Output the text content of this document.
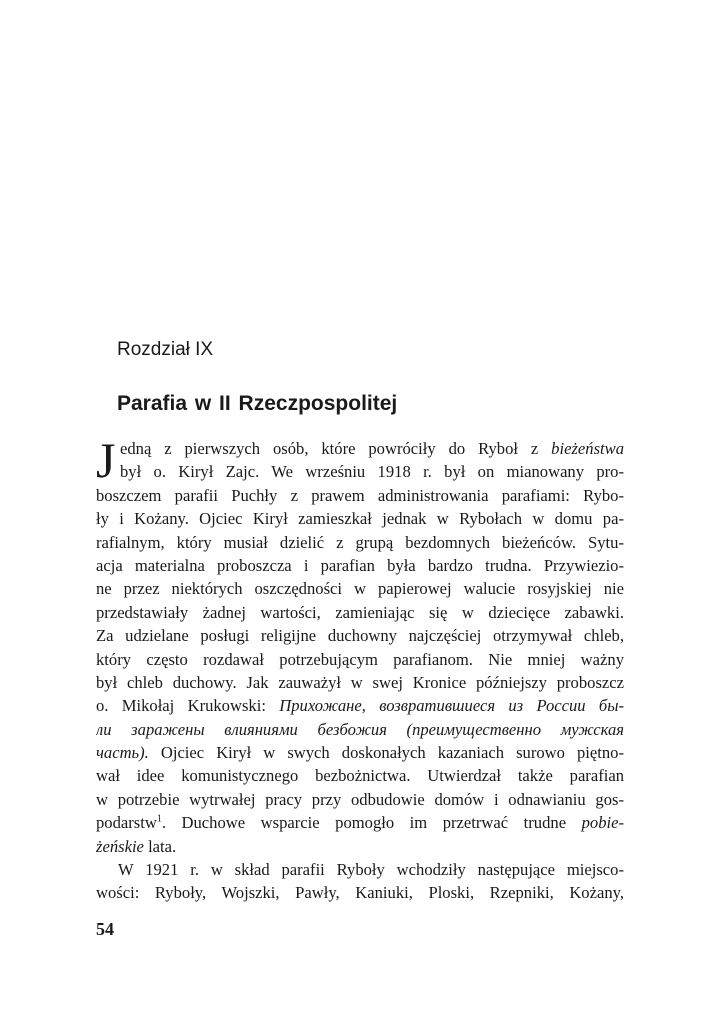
Rozdział IX
Parafia w II Rzeczpospolitej
J edną z pierwszych osób, które powróciły do Ryboł z bieżeństwa
był o. Kirył Zajc. We wrześniu 1918 r. był on mianowany pro-
boszczem parafii Puchły z prawem administrowania parafiami: Rybo-
ły i Kożany. Ojciec Kirył zamieszkał jednak w Rybołach w domu pa-
rafialnym, który musiał dzielić z grupą bezdomnych bieżeńców. Sytu-
acja materialna proboszcza i parafian była bardzo trudna. Przywiezio-
ne przez niektórych oszczędności w papierowej walucie rosyjskiej nie
przedstawiały żadnej wartości, zamieniając się w dziecięce zabawki.
Za udzielane posługi religijne duchowny najczęściej otrzymywał chleb,
który często rozdawał potrzebującym parafianom. Nie mniej ważny
był chleb duchowy. Jak zauważył w swej Kronice późniejszy proboszcz
o. Mikołaj Krukowski: Прихожане, возвратившиеся из России бы-
ли заражены влияниями безбожия (преимущественно мужская
часть). Ojciec Kirył w swych doskonałych kazaniach surowo piętno-
wał idee komunistycznego bezbożnictwa. Utwierdzał także parafian
w potrzebie wytrwałej pracy przy odbudowie domów i odnawianiu gos-
podarstw$^1$. Duchowe wsparcie pomogło im przetrwać trudne pobie-
żeńskie lata.
W 1921 r. w skład parafii Ryboły wchodziły następujące miejsco-
wości: Ryboły, Wojszki, Pawły, Kaniuki, Ploski, Rzepniki, Kożany,
54
